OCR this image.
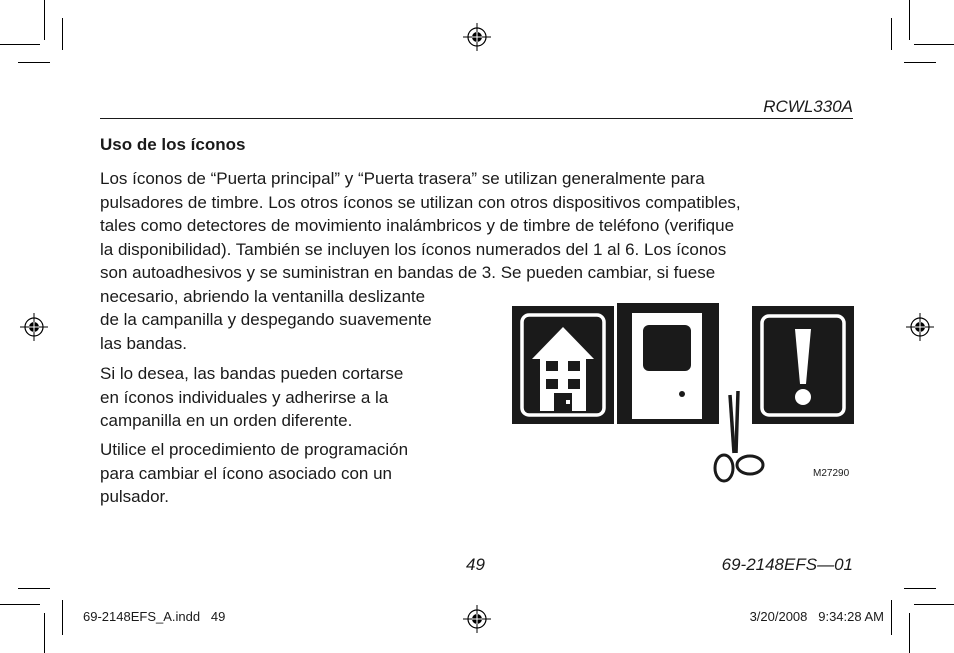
RCWL330A
Uso de los íconos
Los íconos de “Puerta principal” y “Puerta trasera” se utilizan generalmente para
pulsadores de timbre. Los otros íconos se utilizan con otros dispositivos compatibles,
tales como detectores de movimiento inalámbricos y de timbre de teléfono (verifique
la disponibilidad). También se incluyen los íconos numerados del 1 al 6. Los íconos
son autoadhesivos y se suministran en bandas de 3. Se pueden cambiar, si fuese
necesario, abriendo la ventanilla deslizante
de la campanilla y despegando suavemente
las bandas.
Si lo desea, las bandas pueden cortarse
en íconos individuales y adherirse a la
campanilla en un orden diferente.
Utilice el procedimiento de programación
para cambiar el ícono asociado con un
pulsador.
M27290
49	69-2148EFS—01
69-2148EFS_A.indd   49	3/20/2008   9:34:28 AM
